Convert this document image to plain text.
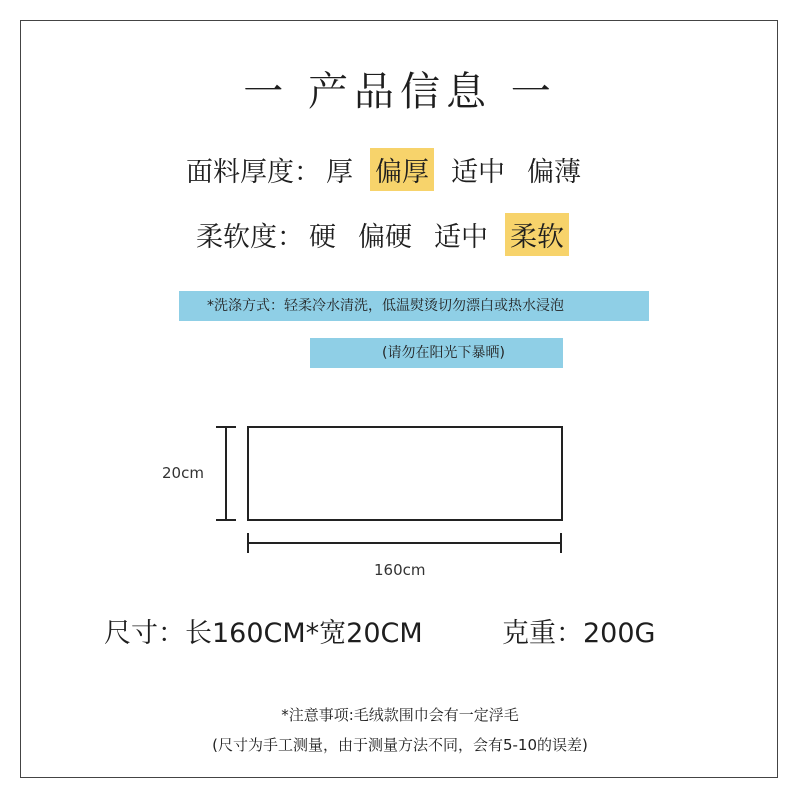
一 产品信息 一
面料厚度： 厚 偏厚 适中 偏薄
柔软度： 硬 偏硬 适中 柔软
*洗涤方式：轻柔冷水清洗，低温熨烫切勿漂白或热水浸泡
(请勿在阳光下暴晒)
20cm
160cm
尺寸：长160CM*宽20CM	克重：200G
*注意事项:毛绒款围巾会有一定浮毛
(尺寸为手工测量，由于测量方法不同，会有5-10的误差)
